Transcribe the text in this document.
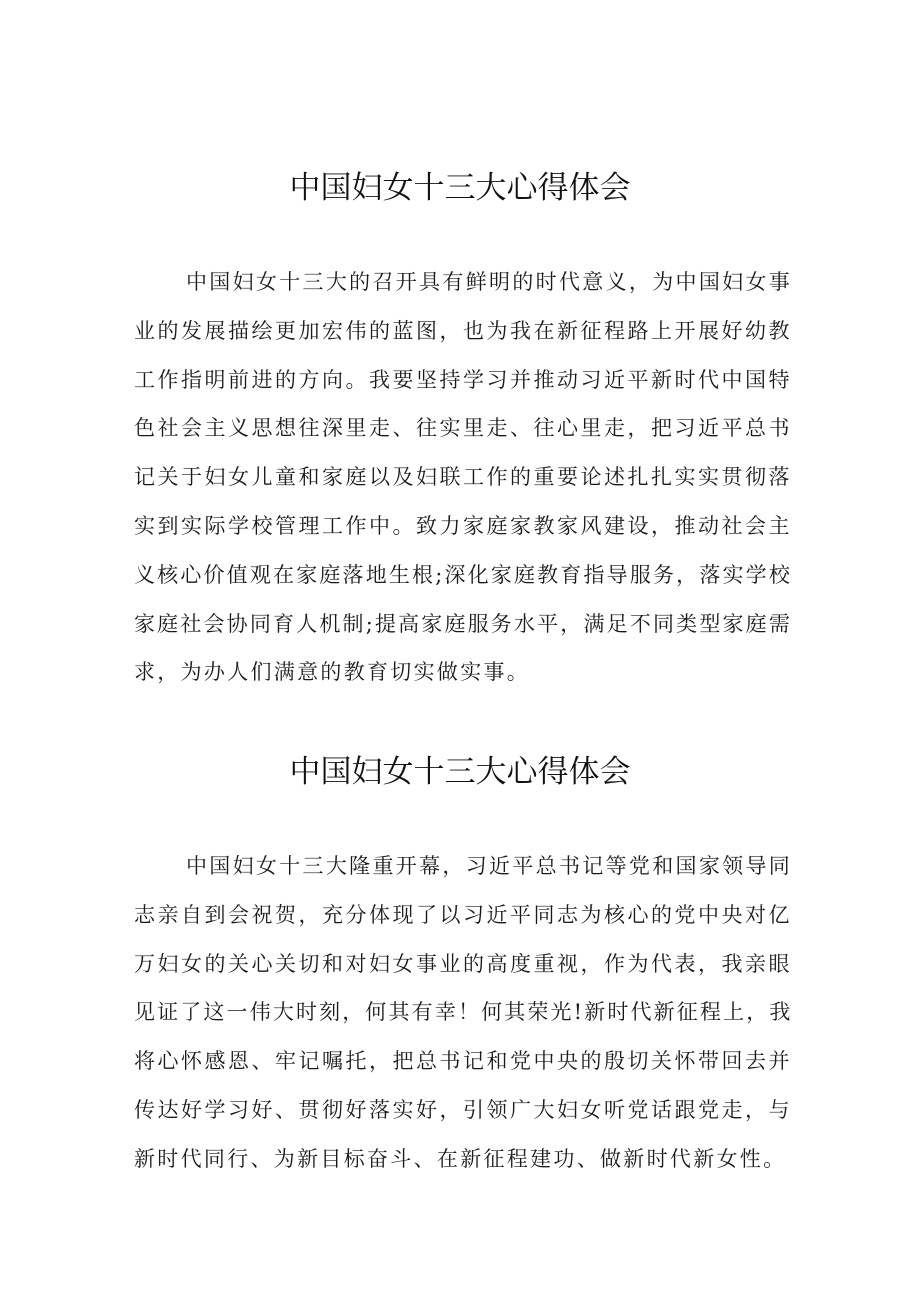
中国妇女十三大心得体会
中国妇女十三大的召开具有鲜明的时代意义，为中国妇女事
业的发展描绘更加宏伟的蓝图，也为我在新征程路上开展好幼教
工作指明前进的方向。我要坚持学习并推动习近平新时代中国特
色社会主义思想往深里走、往实里走、往心里走，把习近平总书
记关于妇女儿童和家庭以及妇联工作的重要论述扎扎实实贯彻落
实到实际学校管理工作中。致力家庭家教家风建设，推动社会主
义核心价值观在家庭落地生根;深化家庭教育指导服务，落实学校
家庭社会协同育人机制;提高家庭服务水平，满足不同类型家庭需
求，为办人们满意的教育切实做实事。
中国妇女十三大心得体会
中国妇女十三大隆重开幕，习近平总书记等党和国家领导同
志亲自到会祝贺，充分体现了以习近平同志为核心的党中央对亿
万妇女的关心关切和对妇女事业的高度重视，作为代表，我亲眼
见证了这一伟大时刻，何其有幸！何其荣光!新时代新征程上，我
将心怀感恩、牢记嘱托，把总书记和党中央的殷切关怀带回去并
传达好学习好、贯彻好落实好，引领广大妇女听党话跟党走，与
新时代同行、为新目标奋斗、在新征程建功、做新时代新女性。
